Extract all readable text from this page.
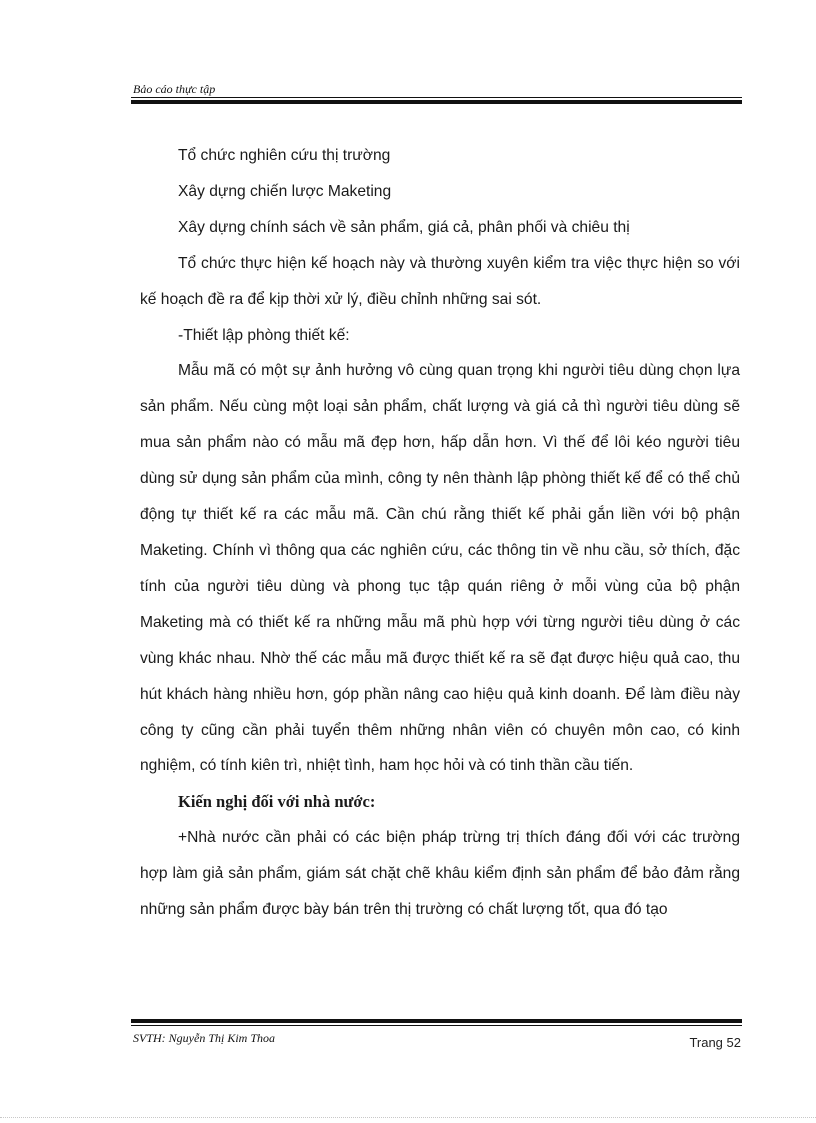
Bảo cáo thực tập

Tổ chức nghiên cứu thị trường

Xây dựng chiến lược Maketing

Xây dựng chính sách về sản phẩm, giá cả, phân phối và chiêu thị

Tổ chức thực hiện kế hoạch này và thường xuyên kiểm tra việc thực hiện so với kế hoạch đề ra để kịp thời xử lý, điều chỉnh những sai sót.

-Thiết lập phòng thiết kế:

Mẫu mã có một sự ảnh hưởng vô cùng quan trọng khi người tiêu dùng chọn lựa sản phẩm. Nếu cùng một loại sản phẩm, chất lượng và giá cả thì người tiêu dùng sẽ mua sản phẩm nào có mẫu mã đẹp hơn, hấp dẫn hơn. Vì thế để lôi kéo người tiêu dùng sử dụng sản phẩm của mình, công ty nên thành lập phòng thiết kế để có thể chủ động tự thiết kế ra các mẫu mã. Cần chú rằng thiết kế phải gắn liền với bộ phận Maketing. Chính vì thông qua các nghiên cứu, các thông tin về nhu cầu, sở thích, đặc tính của người tiêu dùng và phong tục tập quán riêng ở mỗi vùng của bộ phận Maketing mà có thiết kế ra những mẫu mã phù hợp với từng người tiêu dùng ở các vùng khác nhau. Nhờ thế các mẫu mã được thiết kế ra sẽ đạt được hiệu quả cao, thu hút khách hàng nhiều hơn, góp phần nâng cao hiệu quả kinh doanh. Để làm điều này công ty cũng cần phải tuyển thêm những nhân viên có chuyên môn cao, có kinh nghiệm, có tính kiên trì, nhiệt tình, ham học hỏi và có tinh thần cầu tiến.

Kiến nghị đối với nhà nước:

+Nhà nước cần phải có các biện pháp trừng trị thích đáng đối với các trường hợp làm giả sản phẩm, giám sát chặt chẽ khâu kiểm định sản phẩm để bảo đảm rằng những sản phẩm được bày bán trên thị trường có chất lượng tốt, qua đó tạo

SVTH: Nguyễn Thị Kim Thoa	Trang 52
